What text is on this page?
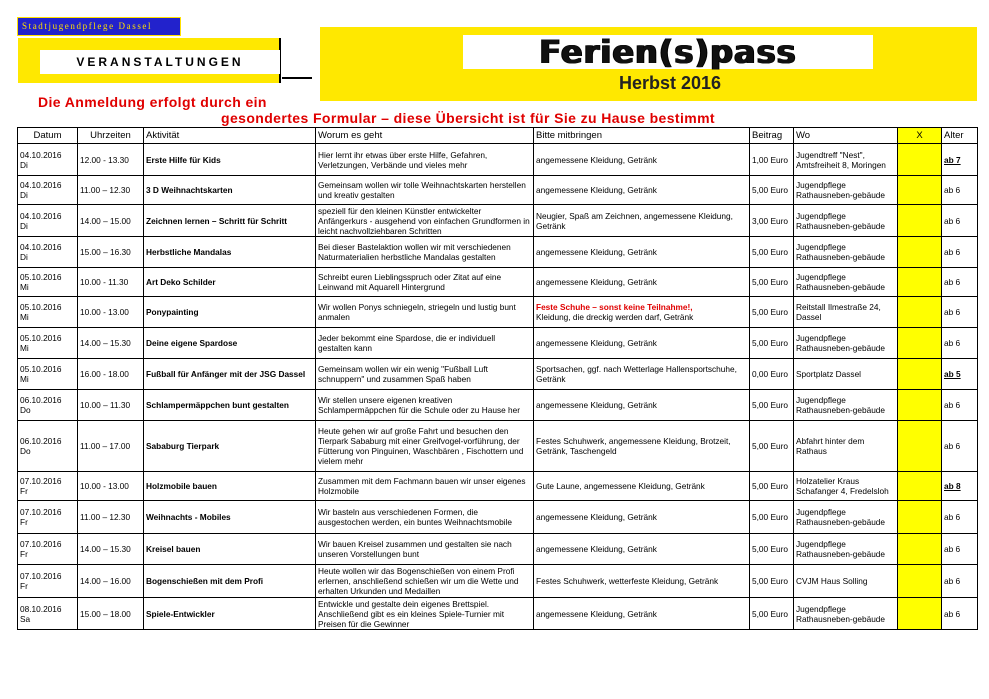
Stadtjugendpflege Dassel
VERANSTALTUNGEN	Ferien(s)pass
Herbst 2016
Die Anmeldung erfolgt durch ein
gesondertes Formular – diese Übersicht ist für Sie zu Hause bestimmt
Datum	Uhrzeiten	Aktivität	Worum es geht	Bitte mitbringen	Beitrag	Wo	X	Alter
04.10.2016
Di	12.00 - 13.30	Erste Hilfe für Kids	Hier lernt ihr etwas über erste Hilfe, Gefahren, Verletzungen, Verbände und vieles mehr	angemessene Kleidung, Getränk	1,00 Euro	Jugendtreff "Nest", Amtsfreiheit 8, Moringen		ab 7
04.10.2016
Di	11.00 – 12.30	3 D Weihnachtskarten	Gemeinsam wollen wir tolle Weihnachtskarten herstellen und kreativ gestalten	angemessene Kleidung, Getränk	5,00 Euro	Jugendpflege Rathausneben-gebäude		ab 6
04.10.2016
Di	14.00 – 15.00	Zeichnen lernen – Schritt für Schritt	speziell für den kleinen Künstler entwickelter Anfängerkurs - ausgehend von einfachen Grundformen in leicht nachvollziehbaren Schritten	Neugier, Spaß am Zeichnen, angemessene Kleidung, Getränk	3,00 Euro	Jugendpflege Rathausneben-gebäude		ab 6
04.10.2016
Di	15.00 – 16.30	Herbstliche Mandalas	Bei dieser Bastelaktion wollen wir mit verschiedenen Naturmaterialien herbstliche Mandalas gestalten	angemessene Kleidung, Getränk	5,00 Euro	Jugendpflege Rathausneben-gebäude		ab 6
05.10.2016
Mi	10.00 - 11.30	Art Deko Schilder	Schreibt euren Lieblingsspruch oder Zitat auf eine Leinwand mit Aquarell Hintergrund	angemessene Kleidung, Getränk	5,00 Euro	Jugendpflege Rathausneben-gebäude		ab 6
05.10.2016
Mi	10.00 - 13.00	Ponypainting	Wir wollen Ponys schniegeln, striegeln und lustig bunt anmalen	Feste Schuhe – sonst keine Teilnahme!,
Kleidung, die dreckig werden darf, Getränk	5,00 Euro	Reitstall Ilmestraße 24, Dassel		ab 6
05.10.2016
Mi	14.00 – 15.30	Deine eigene Spardose	Jeder bekommt eine Spardose, die er individuell gestalten kann	angemessene Kleidung, Getränk	5,00 Euro	Jugendpflege Rathausneben-gebäude		ab 6
05.10.2016
Mi	16.00 - 18.00	Fußball für Anfänger mit der JSG Dassel	Gemeinsam wollen wir ein wenig "Fußball Luft schnuppern" und zusammen Spaß haben	Sportsachen, ggf. nach Wetterlage Hallensportschuhe, Getränk	0,00 Euro	Sportplatz Dassel		ab 5
06.10.2016
Do	10.00 – 11.30	Schlampermäppchen bunt gestalten	Wir stellen unsere eigenen kreativen Schlampermäppchen für die Schule oder zu Hause her	angemessene Kleidung, Getränk	5,00 Euro	Jugendpflege Rathausneben-gebäude		ab 6
06.10.2016
Do	11.00 – 17.00	Sababurg Tierpark	Heute gehen wir auf große Fahrt und besuchen den Tierpark Sababurg mit einer Greifvogel-vorführung, der Fütterung von Pinguinen, Waschbären , Fischottern und vielem mehr	Festes Schuhwerk, angemessene Kleidung, Brotzeit, Getränk, Taschengeld	5,00 Euro	Abfahrt hinter dem Rathaus		ab 6
07.10.2016
Fr	10.00 - 13.00	Holzmobile bauen	Zusammen mit dem Fachmann bauen wir unser eigenes Holzmobile	Gute Laune, angemessene Kleidung, Getränk	5,00 Euro	Holzatelier Kraus Schafanger 4, Fredelsloh		ab 8
07.10.2016
Fr	11.00 – 12.30	Weihnachts - Mobiles	Wir basteln aus verschiedenen Formen, die ausgestochen werden, ein buntes Weihnachtsmobile	angemessene Kleidung, Getränk	5,00 Euro	Jugendpflege Rathausneben-gebäude		ab 6
07.10.2016
Fr	14.00 – 15.30	Kreisel bauen	Wir bauen Kreisel zusammen und gestalten sie nach unseren Vorstellungen bunt	angemessene Kleidung, Getränk	5,00 Euro	Jugendpflege Rathausneben-gebäude		ab 6
07.10.2016
Fr	14.00 – 16.00	Bogenschießen mit dem Profi	Heute wollen wir das Bogenschießen von einem Profi erlernen, anschließend schießen wir um die Wette und erhalten Urkunden und Medaillen	Festes Schuhwerk, wetterfeste Kleidung, Getränk	5,00 Euro	CVJM Haus Solling		ab 6
08.10.2016
Sa	15.00 – 18.00	Spiele-Entwickler	Entwickle und gestalte dein eigenes Brettspiel. Anschließend gibt es ein kleines Spiele-Turnier mit Preisen für die Gewinner	angemessene Kleidung, Getränk	5,00 Euro	Jugendpflege Rathausneben-gebäude		ab 6
